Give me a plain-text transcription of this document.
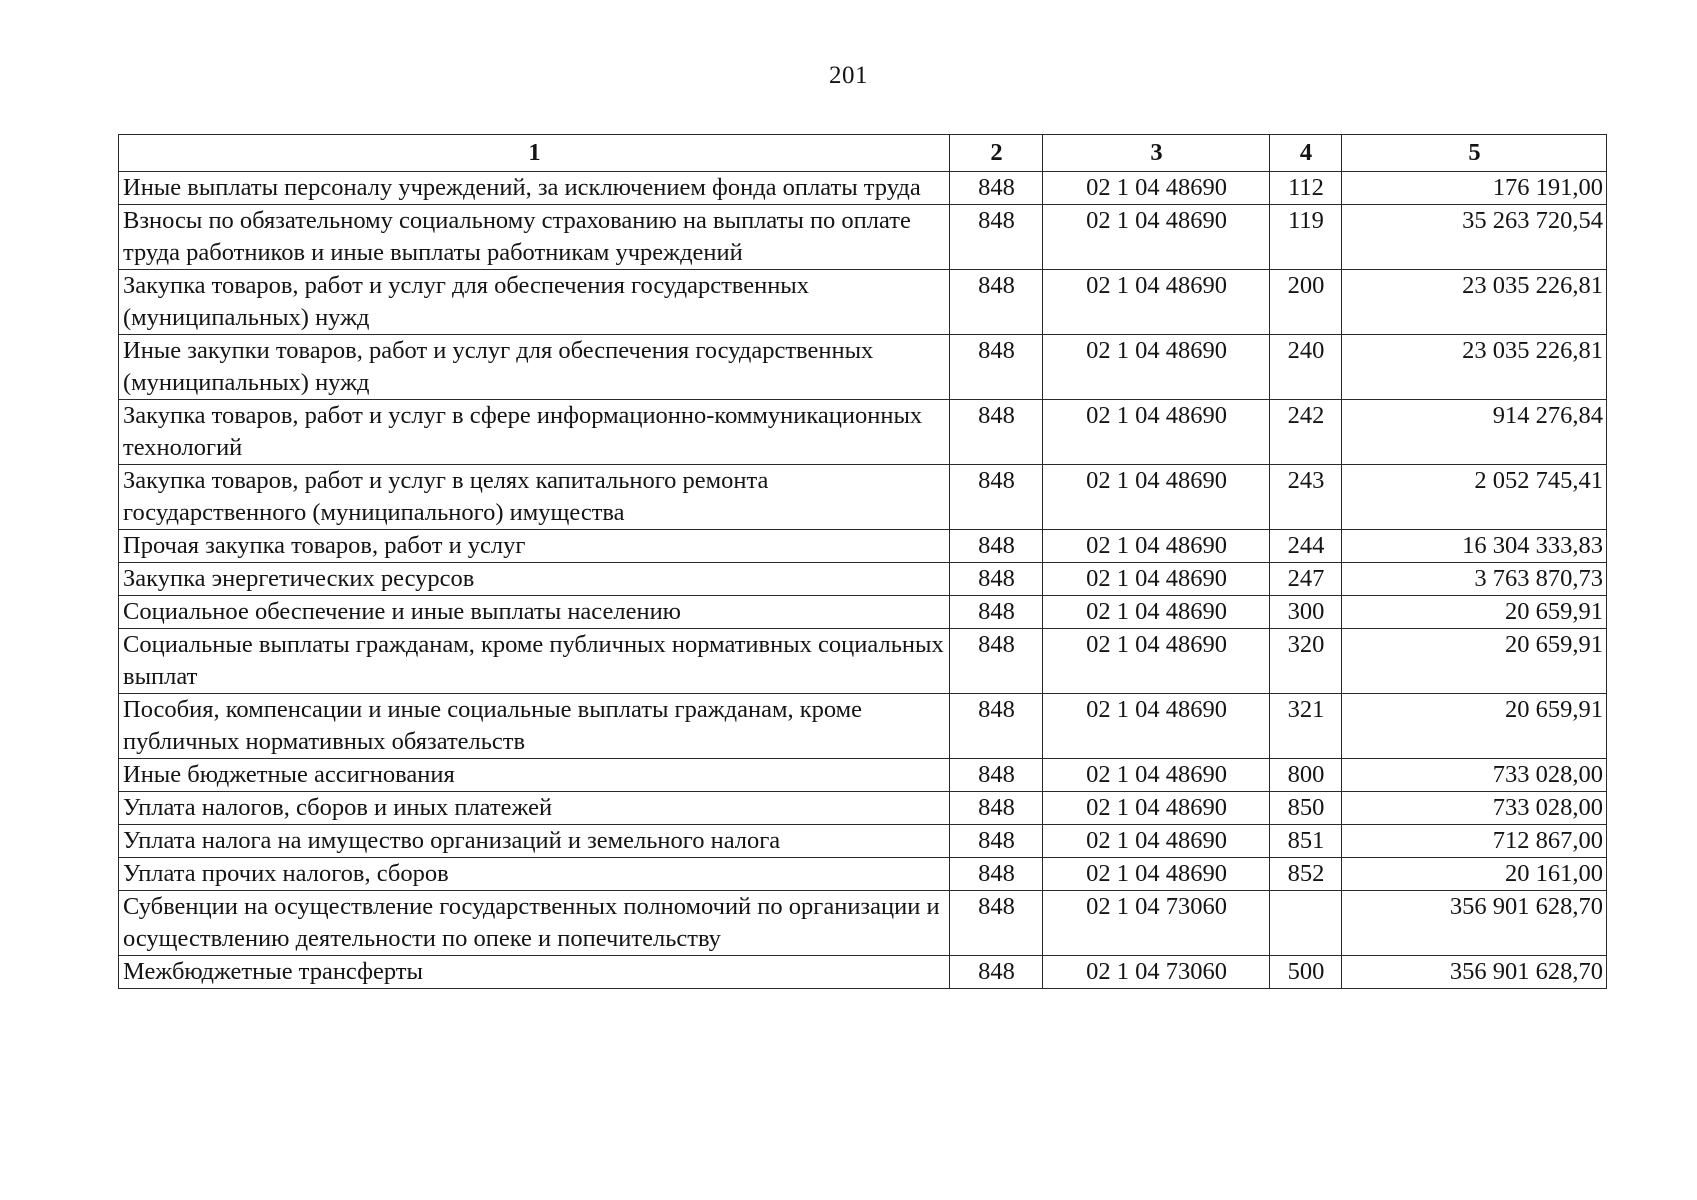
201
1	2	3	4	5
Иные выплаты персоналу учреждений, за исключением фонда оплаты труда	848	02 1 04 48690	112	176 191,00
Взносы по обязательному социальному страхованию на выплаты по оплате труда работников и иные выплаты работникам учреждений	848	02 1 04 48690	119	35 263 720,54
Закупка товаров, работ и услуг для обеспечения государственных (муниципальных) нужд	848	02 1 04 48690	200	23 035 226,81
Иные закупки товаров, работ и услуг для обеспечения государственных (муниципальных) нужд	848	02 1 04 48690	240	23 035 226,81
Закупка товаров, работ и услуг в сфере информационно-коммуникационных технологий	848	02 1 04 48690	242	914 276,84
Закупка товаров, работ и услуг в целях капитального ремонта государственного (муниципального) имущества	848	02 1 04 48690	243	2 052 745,41
Прочая закупка товаров, работ и услуг	848	02 1 04 48690	244	16 304 333,83
Закупка энергетических ресурсов	848	02 1 04 48690	247	3 763 870,73
Социальное обеспечение и иные выплаты населению	848	02 1 04 48690	300	20 659,91
Социальные выплаты гражданам, кроме публичных нормативных социальных выплат	848	02 1 04 48690	320	20 659,91
Пособия, компенсации и иные социальные выплаты гражданам, кроме публичных нормативных обязательств	848	02 1 04 48690	321	20 659,91
Иные бюджетные ассигнования	848	02 1 04 48690	800	733 028,00
Уплата налогов, сборов и иных платежей	848	02 1 04 48690	850	733 028,00
Уплата налога на имущество организаций и земельного налога	848	02 1 04 48690	851	712 867,00
Уплата прочих налогов, сборов	848	02 1 04 48690	852	20 161,00
Субвенции на осуществление государственных полномочий по организации и осуществлению деятельности по опеке и попечительству	848	02 1 04 73060		356 901 628,70
Межбюджетные трансферты	848	02 1 04 73060	500	356 901 628,70
